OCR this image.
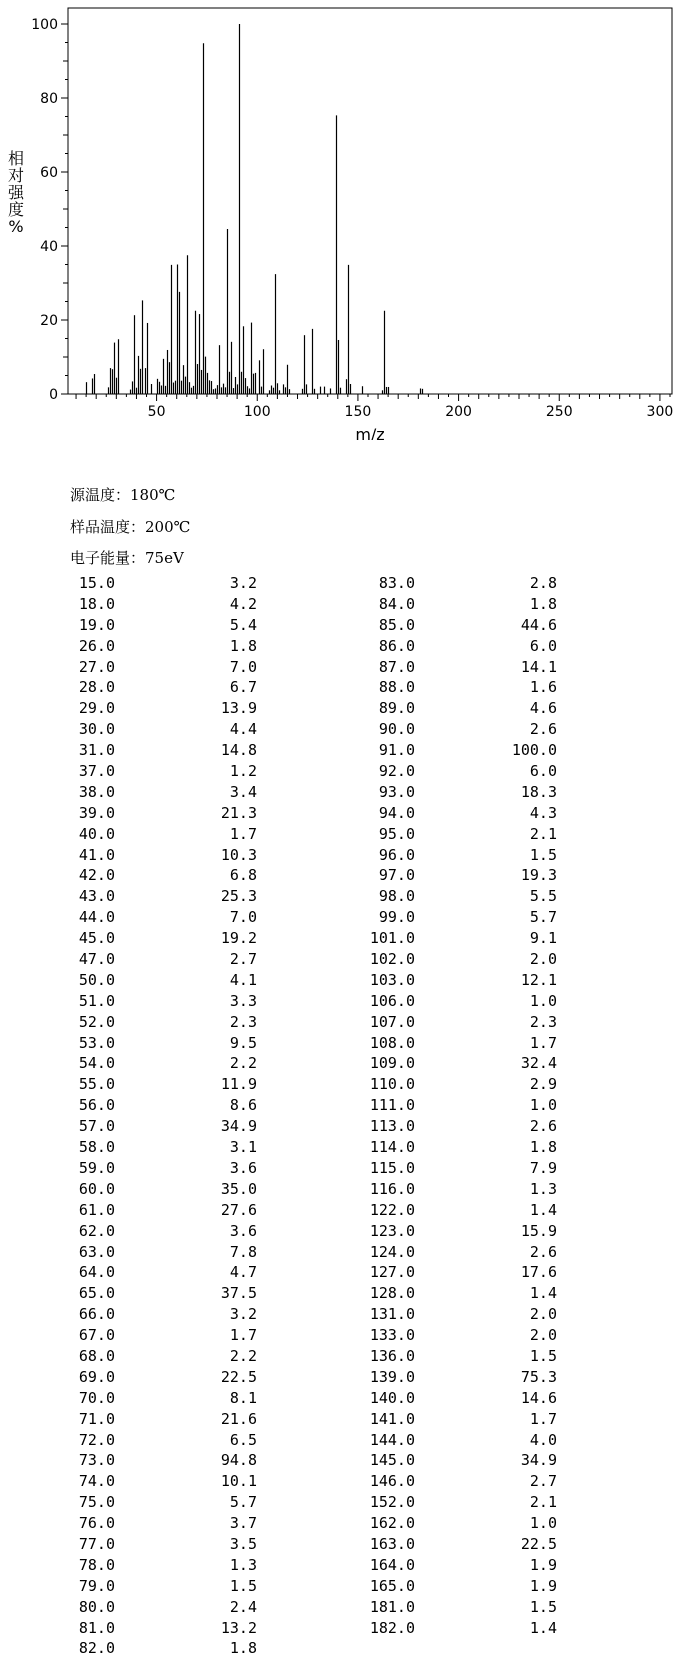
0
20
40
60
80
100
50	100	150	200	250	300
m/z
相
对
强
度
%
源温度：180℃
样品温度：200℃
电子能量：75eV
15.0	3.2
18.0	4.2
19.0	5.4
26.0	1.8
27.0	7.0
28.0	6.7
29.0	13.9
30.0	4.4
31.0	14.8
37.0	1.2
38.0	3.4
39.0	21.3
40.0	1.7
41.0	10.3
42.0	6.8
43.0	25.3
44.0	7.0
45.0	19.2
47.0	2.7
50.0	4.1
51.0	3.3
52.0	2.3
53.0	9.5
54.0	2.2
55.0	11.9
56.0	8.6
57.0	34.9
58.0	3.1
59.0	3.6
60.0	35.0
61.0	27.6
62.0	3.6
63.0	7.8
64.0	4.7
65.0	37.5
66.0	3.2
67.0	1.7
68.0	2.2
69.0	22.5
70.0	8.1
71.0	21.6
72.0	6.5
73.0	94.8
74.0	10.1
75.0	5.7
76.0	3.7
77.0	3.5
78.0	1.3
79.0	1.5
80.0	2.4
81.0	13.2
82.0	1.8
83.0	2.8
84.0	1.8
85.0	44.6
86.0	6.0
87.0	14.1
88.0	1.6
89.0	4.6
90.0	2.6
91.0	100.0
92.0	6.0
93.0	18.3
94.0	4.3
95.0	2.1
96.0	1.5
97.0	19.3
98.0	5.5
99.0	5.7
101.0	9.1
102.0	2.0
103.0	12.1
106.0	1.0
107.0	2.3
108.0	1.7
109.0	32.4
110.0	2.9
111.0	1.0
113.0	2.6
114.0	1.8
115.0	7.9
116.0	1.3
122.0	1.4
123.0	15.9
124.0	2.6
127.0	17.6
128.0	1.4
131.0	2.0
133.0	2.0
136.0	1.5
139.0	75.3
140.0	14.6
141.0	1.7
144.0	4.0
145.0	34.9
146.0	2.7
152.0	2.1
162.0	1.0
163.0	22.5
164.0	1.9
165.0	1.9
181.0	1.5
182.0	1.4
